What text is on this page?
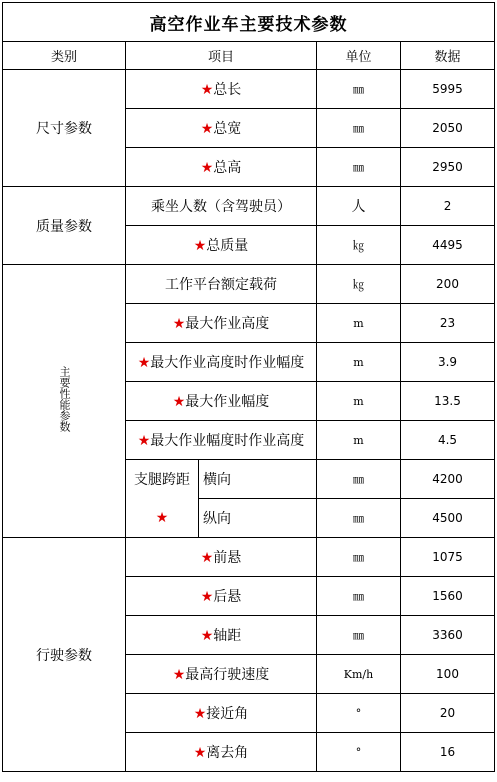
高空作业车主要技术参数				
类别	项目		单位	数据
尺寸参数	★总长		㎜	5995
	★总宽		㎜	2050
	★总高		㎜	2950
质量参数	乘坐人数（含驾驶员）		人	2
	★总质量		㎏	4495
主要性能参数	工作平台额定载荷		㎏	200
	★最大作业高度		m	23
	★最大作业高度时作业幅度		m	3.9
	★最大作业幅度		m	13.5
	★最大作业幅度时作业高度		m	4.5
	支腿跨距	横向	㎜	4200
	★	纵向	㎜	4500
行驶参数	★前悬		㎜	1075
	★后悬		㎜	1560
	★轴距		㎜	3360
	★最高行驶速度		Km/h	100
	★接近角		°	20
	★离去角		°	16
